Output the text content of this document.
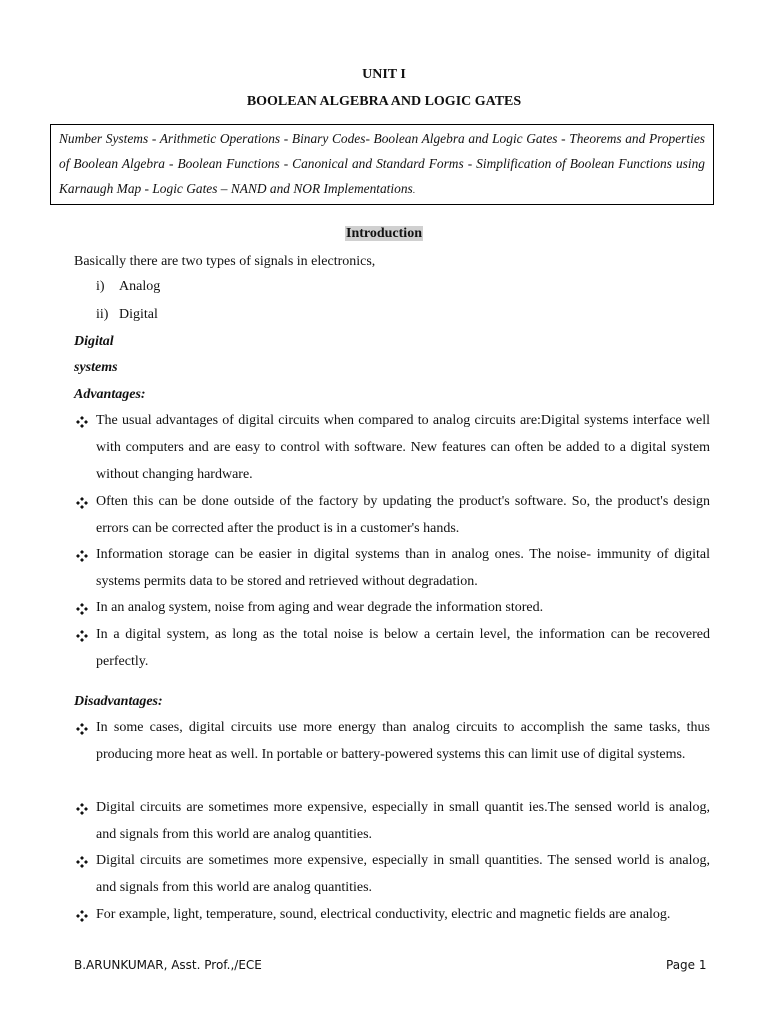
UNIT I
BOOLEAN ALGEBRA AND LOGIC GATES
Number Systems - Arithmetic Operations - Binary Codes- Boolean Algebra and Logic Gates - Theorems and Properties of Boolean Algebra - Boolean Functions - Canonical and Standard Forms - Simplification of Boolean Functions using Karnaugh Map - Logic Gates – NAND and NOR Implementations.
Introduction
Basically there are two types of signals in electronics,
i) Analog
ii) Digital
Digital
systems
Advantages:
The usual advantages of digital circuits when compared to analog circuits are:Digital systems interface well with computers and are easy to control with software. New features can often be added to a digital system without changing hardware.
Often this can be done outside of the factory by updating the product's software. So, the product's design errors can be corrected after the product is in a customer's hands.
Information storage can be easier in digital systems than in analog ones. The noise- immunity of digital systems permits data to be stored and retrieved without degradation.
In an analog system, noise from aging and wear degrade the information stored.
In a digital system, as long as the total noise is below a certain level, the information can be recovered perfectly.
Disadvantages:
In some cases, digital circuits use more energy than analog circuits to accomplish the same tasks, thus producing more heat as well. In portable or battery-powered systems this can limit use of digital systems.
Digital circuits are sometimes more expensive, especially in small quantit ies.The sensed world is analog, and signals from this world are analog quantities.
Digital circuits are sometimes more expensive, especially in small quantities. The sensed world is analog, and signals from this world are analog quantities.
For example, light, temperature, sound, electrical conductivity, electric and magnetic fields are analog.
B.ARUNKUMAR, Asst. Prof.,/ECE	Page 1
